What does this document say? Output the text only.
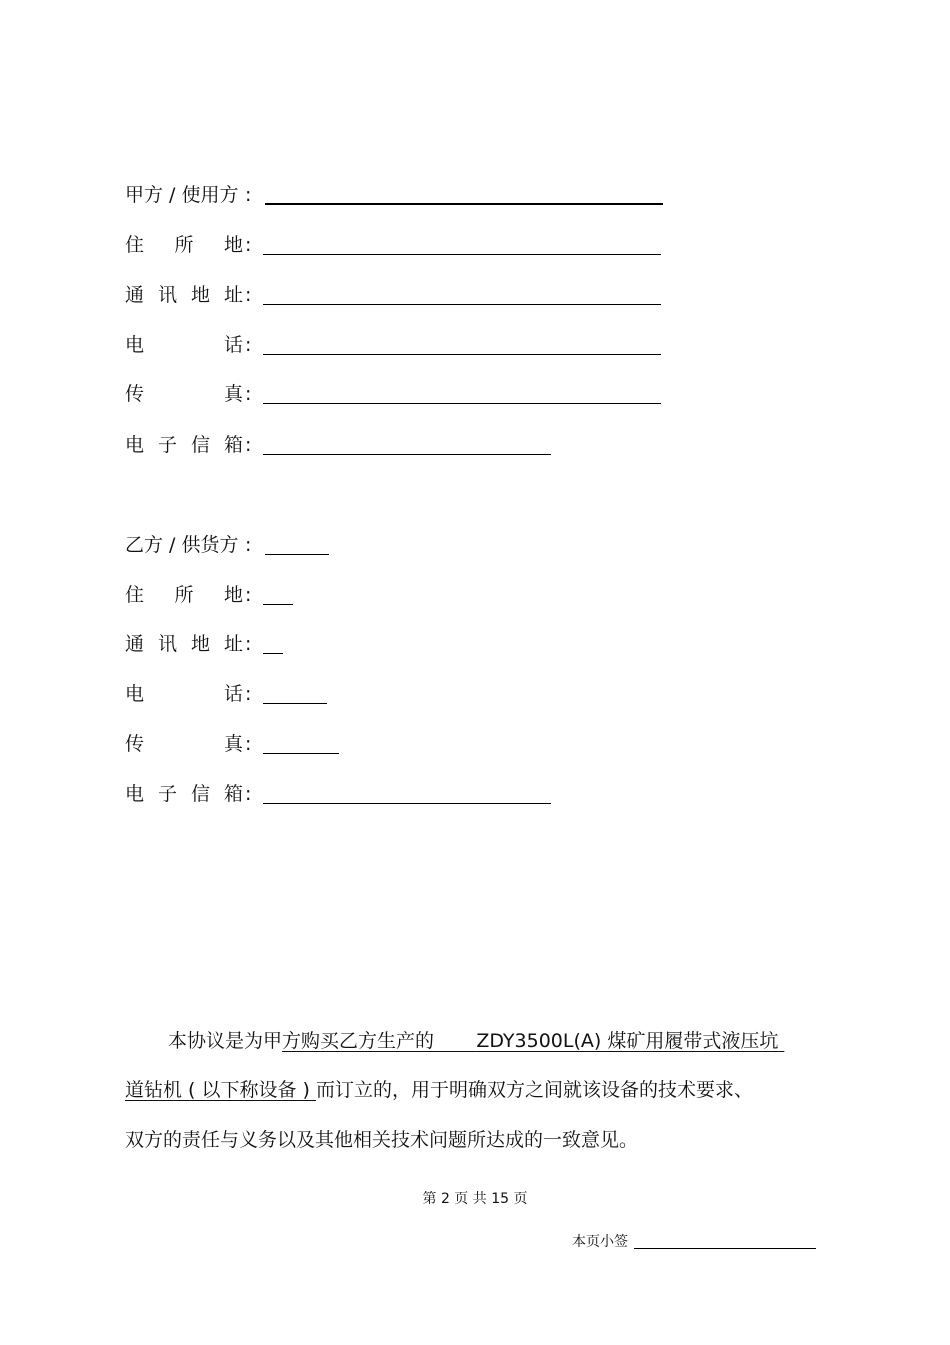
甲方 / 使用方 :
住 所 地 :
通 讯 地 址 :
电	话 :
传	真 :
电 子 信 箱 :
乙方 / 供货方 :
住 所 地 :
通 讯 地 址 :
电	话 :
传	真 :
电 子 信 箱 :
本协议是为甲方购买乙方生产的 ZDY3500L(A) 煤矿用履带式液压坑
道钻机 ( 以下称设备 ) 而订立的，用于明确双方之间就该设备的技术要求、
双方的责任与义务以及其他相关技术问题所达成的一致意见。
第 2 页 共 15 页
本页小签
